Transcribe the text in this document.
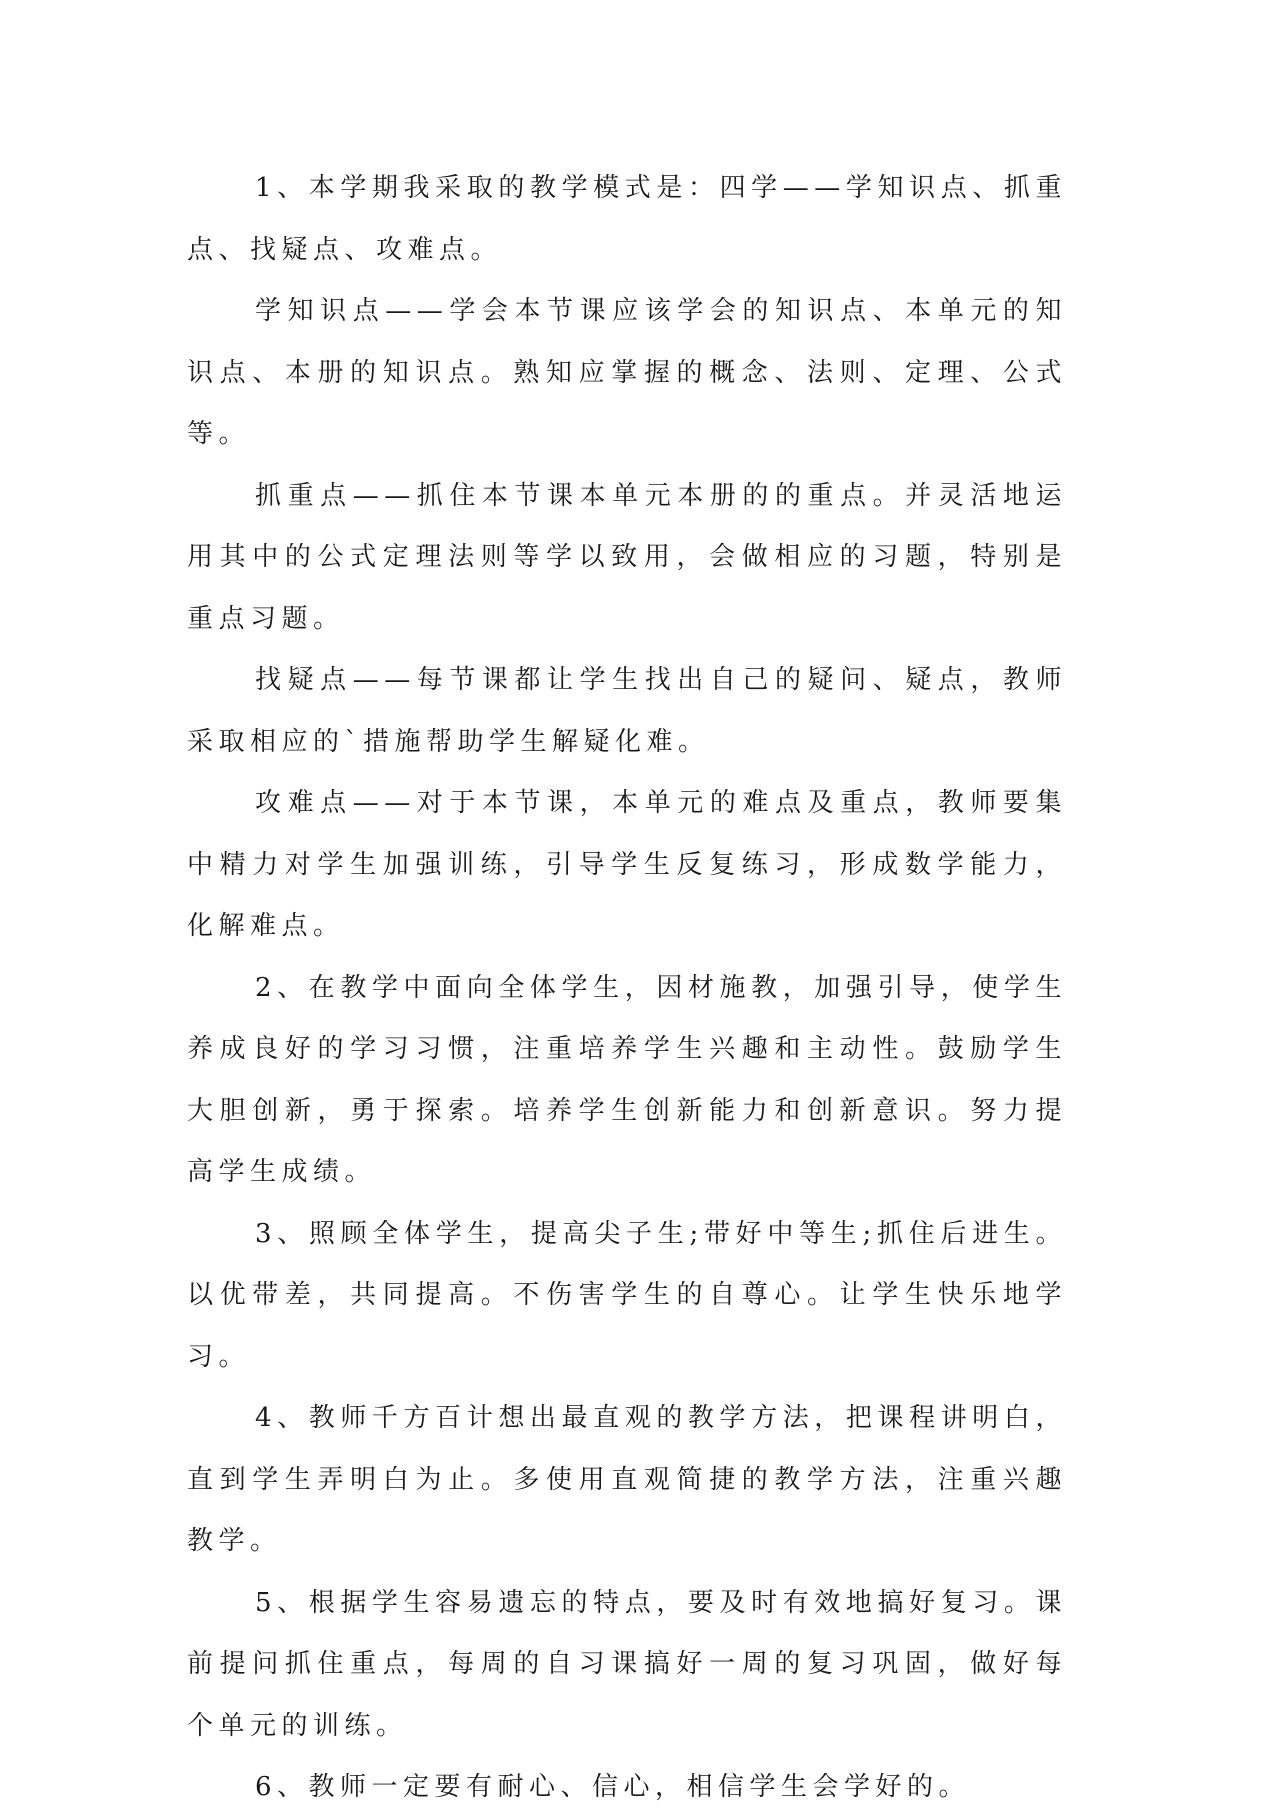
1、本学期我采取的教学模式是：四学——学知识点、抓重点、找疑点、攻难点。

学知识点——学会本节课应该学会的知识点、本单元的知识点、本册的知识点。熟知应掌握的概念、法则、定理、公式等。

抓重点——抓住本节课本单元本册的的重点。并灵活地运用其中的公式定理法则等学以致用，会做相应的习题，特别是重点习题。

找疑点——每节课都让学生找出自己的疑问、疑点，教师采取相应的`措施帮助学生解疑化难。

攻难点——对于本节课，本单元的难点及重点，教师要集中精力对学生加强训练，引导学生反复练习，形成数学能力，化解难点。

2、在教学中面向全体学生，因材施教，加强引导，使学生养成良好的学习习惯，注重培养学生兴趣和主动性。鼓励学生大胆创新，勇于探索。培养学生创新能力和创新意识。努力提高学生成绩。

3、照顾全体学生，提高尖子生;带好中等生;抓住后进生。以优带差，共同提高。不伤害学生的自尊心。让学生快乐地学习。

4、教师千方百计想出最直观的教学方法，把课程讲明白，直到学生弄明白为止。多使用直观简捷的教学方法，注重兴趣教学。

5、根据学生容易遗忘的特点，要及时有效地搞好复习。课前提问抓住重点，每周的自习课搞好一周的复习巩固，做好每个单元的训练。

6、教师一定要有耐心、信心，相信学生会学好的。
